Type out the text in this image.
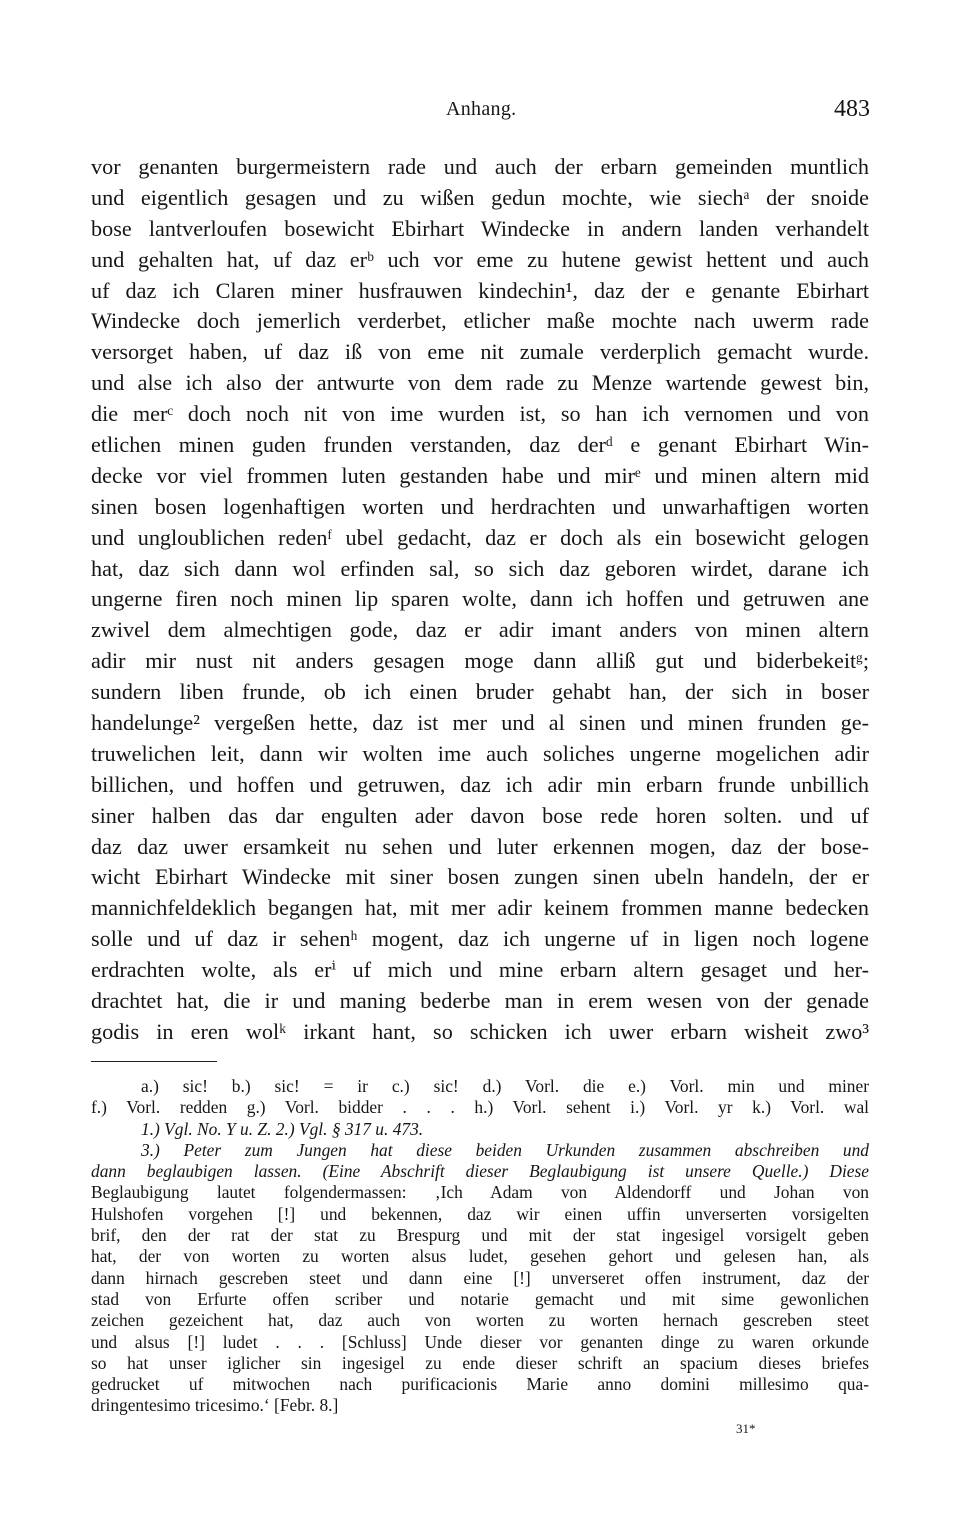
Anhang.	483
vor genanten burgermeistern rade und auch der erbarn gemeinden muntlich
und eigentlich gesagen und zu wißen gedun mochte, wie siechᵃ der snoide
bose lantverloufen bosewicht Ebirhart Windecke in andern landen verhandelt
und gehalten hat, uf daz erᵇ uch vor eme zu hutene gewist hettent und auch
uf daz ich Claren miner husfrauwen kindechin¹, daz der e genante Ebirhart
Windecke doch jemerlich verderbet, etlicher maße mochte nach uwerm rade
versorget haben, uf daz iß von eme nit zumale verderplich gemacht wurde.
und alse ich also der antwurte von dem rade zu Menze wartende gewest bin,
die merᶜ doch noch nit von ime wurden ist, so han ich vernomen und von
etlichen minen guden frunden verstanden, daz derᵈ e genant Ebirhart Win-
decke vor viel frommen luten gestanden habe und mirᵉ und minen altern mid
sinen bosen logenhaftigen worten und herdrachten und unwarhaftigen worten
und ungloublichen redenᶠ ubel gedacht, daz er doch als ein bosewicht gelogen
hat, daz sich dann wol erfinden sal, so sich daz geboren wirdet, darane ich
ungerne firen noch minen lip sparen wolte, dann ich hoffen und getruwen ane
zwivel dem almechtigen gode, daz er adir imant anders von minen altern
adir mir nust nit anders gesagen moge dann alliß gut und biderbekeitᵍ;
sundern liben frunde, ob ich einen bruder gehabt han, der sich in boser
handelunge² vergeßen hette, daz ist mer und al sinen und minen frunden ge-
truwelichen leit, dann wir wolten ime auch soliches ungerne mogelichen adir
billichen, und hoffen und getruwen, daz ich adir min erbarn frunde unbillich
siner halben das dar engulten ader davon bose rede horen solten. und uf
daz daz uwer ersamkeit nu sehen und luter erkennen mogen, daz der bose-
wicht Ebirhart Windecke mit siner bosen zungen sinen ubeln handeln, der er
mannichfeldeklich begangen hat, mit mer adir keinem frommen manne bedecken
solle und uf daz ir sehenʰ mogent, daz ich ungerne uf in ligen noch logene
erdrachten wolte, als erⁱ uf mich und mine erbarn altern gesaget und her-
drachtet hat, die ir und maning bederbe man in erem wesen von der genade
godis in eren wolᵏ irkant hant, so schicken ich uwer erbarn wisheit zwo³
a.) sic! b.) sic! = ir c.) sic! d.) Vorl. die e.) Vorl. min und miner
f.) Vorl. redden g.) Vorl. bidder . . . h.) Vorl. sehent i.) Vorl. yr k.) Vorl. wal
1.) Vgl. No. Y u. Z. 2.) Vgl. § 317 u. 473.
3.) Peter zum Jungen hat diese beiden Urkunden zusammen abschreiben und
dann beglaubigen lassen. (Eine Abschrift dieser Beglaubigung ist unsere Quelle.) Diese
Beglaubigung lautet folgendermassen: ‚Ich Adam von Aldendorff und Johan von
Hulshofen vorgehen [!] und bekennen, daz wir einen uffin unverserten vorsigelten
brif, den der rat der stat zu Brespurg und mit der stat ingesigel vorsigelt geben
hat, der von worten zu worten alsus ludet, gesehen gehort und gelesen han, als
dann hirnach gescreben steet und dann eine [!] unverseret offen instrument, daz der
stad von Erfurte offen scriber und notarie gemacht und mit sime gewonlichen
zeichen gezeichent hat, daz auch von worten zu worten hernach gescreben steet
und alsus [!] ludet . . . [Schluss] Unde dieser vor genanten dinge zu waren orkunde
so hat unser iglicher sin ingesigel zu ende dieser schrift an spacium dieses briefes
gedrucket uf mitwochen nach purificacionis Marie anno domini millesimo qua-
dringentesimo tricesimo.‘ [Febr. 8.]
31*
